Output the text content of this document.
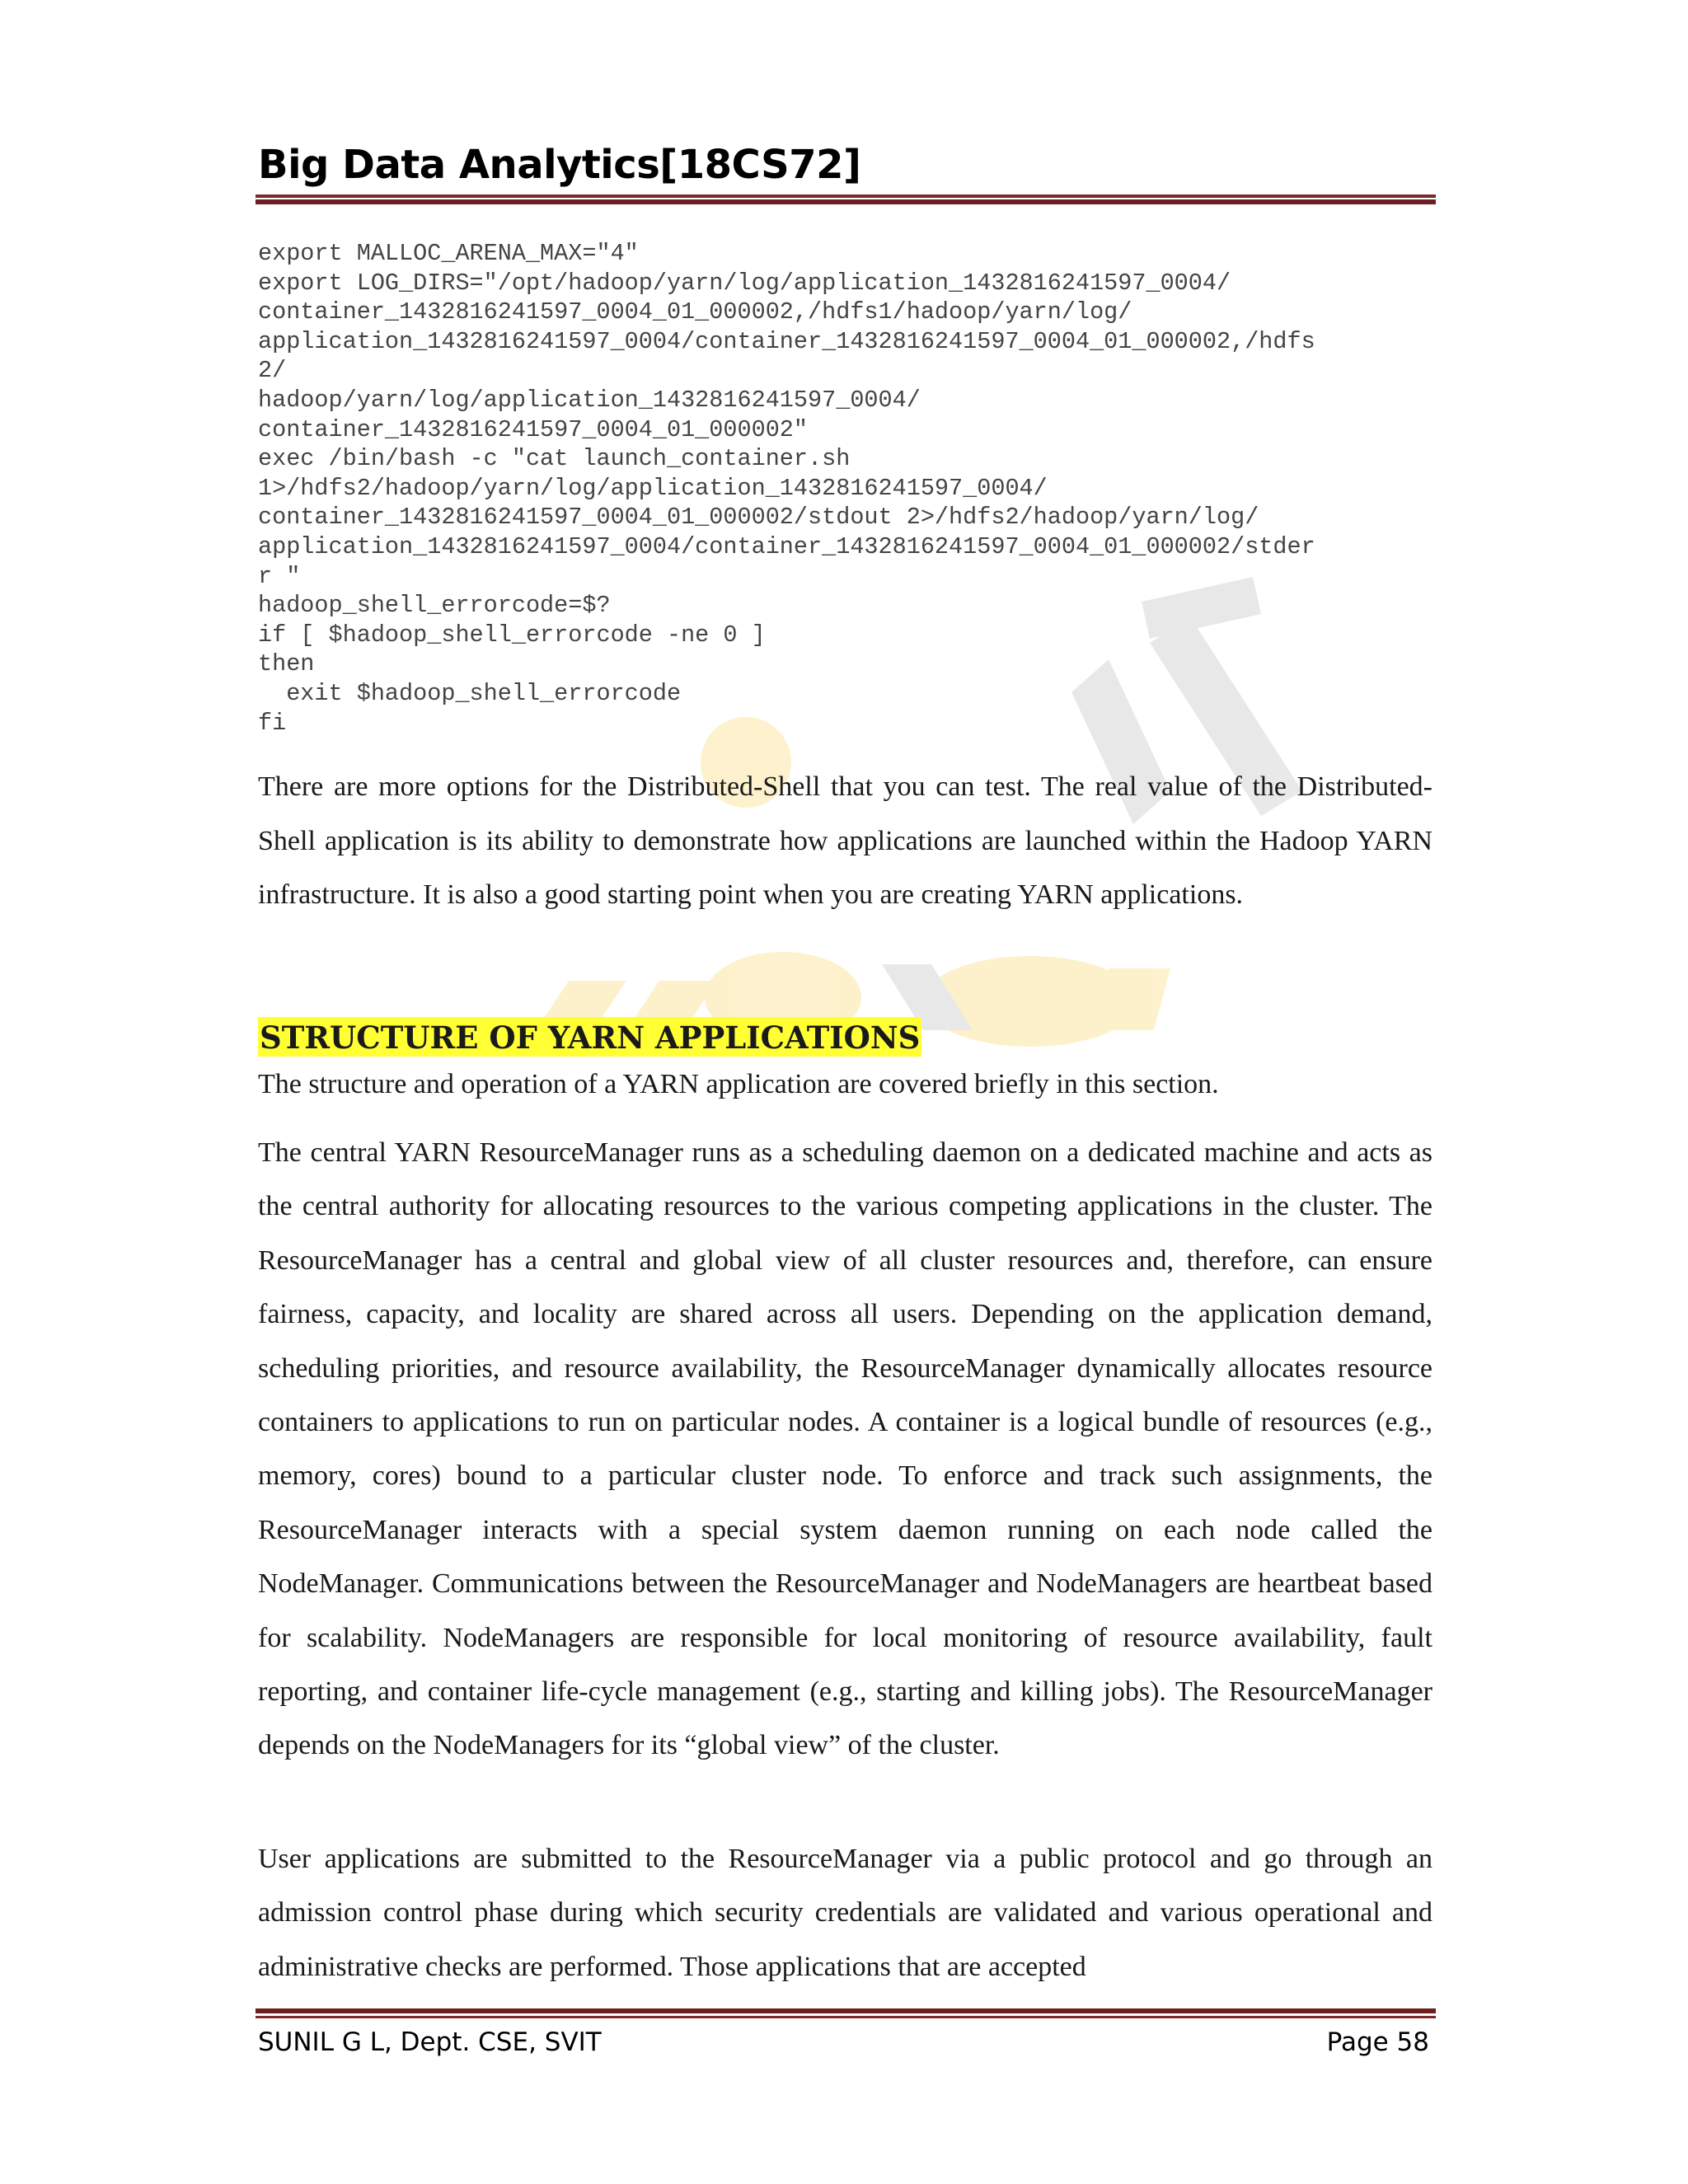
Big Data Analytics[18CS72]
export MALLOC_ARENA_MAX="4"
export LOG_DIRS="/opt/hadoop/yarn/log/application_1432816241597_0004/
container_1432816241597_0004_01_000002,/hdfs1/hadoop/yarn/log/
application_1432816241597_0004/container_1432816241597_0004_01_000002,/hdfs
2/
hadoop/yarn/log/application_1432816241597_0004/
container_1432816241597_0004_01_000002"
exec /bin/bash -c "cat launch_container.sh
1>/hdfs2/hadoop/yarn/log/application_1432816241597_0004/
container_1432816241597_0004_01_000002/stdout 2>/hdfs2/hadoop/yarn/log/
application_1432816241597_0004/container_1432816241597_0004_01_000002/stder
r "
hadoop_shell_errorcode=$?
if [ $hadoop_shell_errorcode -ne 0 ]
then
exit $hadoop_shell_errorcode
fi

There are more options for the Distributed-Shell that you can test. The real value of the Distributed-Shell application is its ability to demonstrate how applications are launched within the Hadoop YARN infrastructure. It is also a good starting point when you are creating YARN applications.

STRUCTURE OF YARN APPLICATIONS

The structure and operation of a YARN application are covered briefly in this section.

The central YARN ResourceManager runs as a scheduling daemon on a dedicated machine and acts as the central authority for allocating resources to the various competing applications in the cluster. The ResourceManager has a central and global view of all cluster resources and, therefore, can ensure fairness, capacity, and locality are shared across all users. Depending on the application demand, scheduling priorities, and resource availability, the ResourceManager dynamically allocates resource containers to applications to run on particular nodes. A container is a logical bundle of resources (e.g., memory, cores) bound to a particular cluster node. To enforce and track such assignments, the ResourceManager interacts with a special system daemon running on each node called the NodeManager. Communications between the ResourceManager and NodeManagers are heartbeat based for scalability. NodeManagers are responsible for local monitoring of resource availability, fault reporting, and container life-cycle management (e.g., starting and killing jobs). The ResourceManager depends on the NodeManagers for its “global view” of the cluster.

User applications are submitted to the ResourceManager via a public protocol and go through an admission control phase during which security credentials are validated and various operational and administrative checks are performed. Those applications that are accepted

SUNIL G L, Dept. CSE, SVIT	Page 58
